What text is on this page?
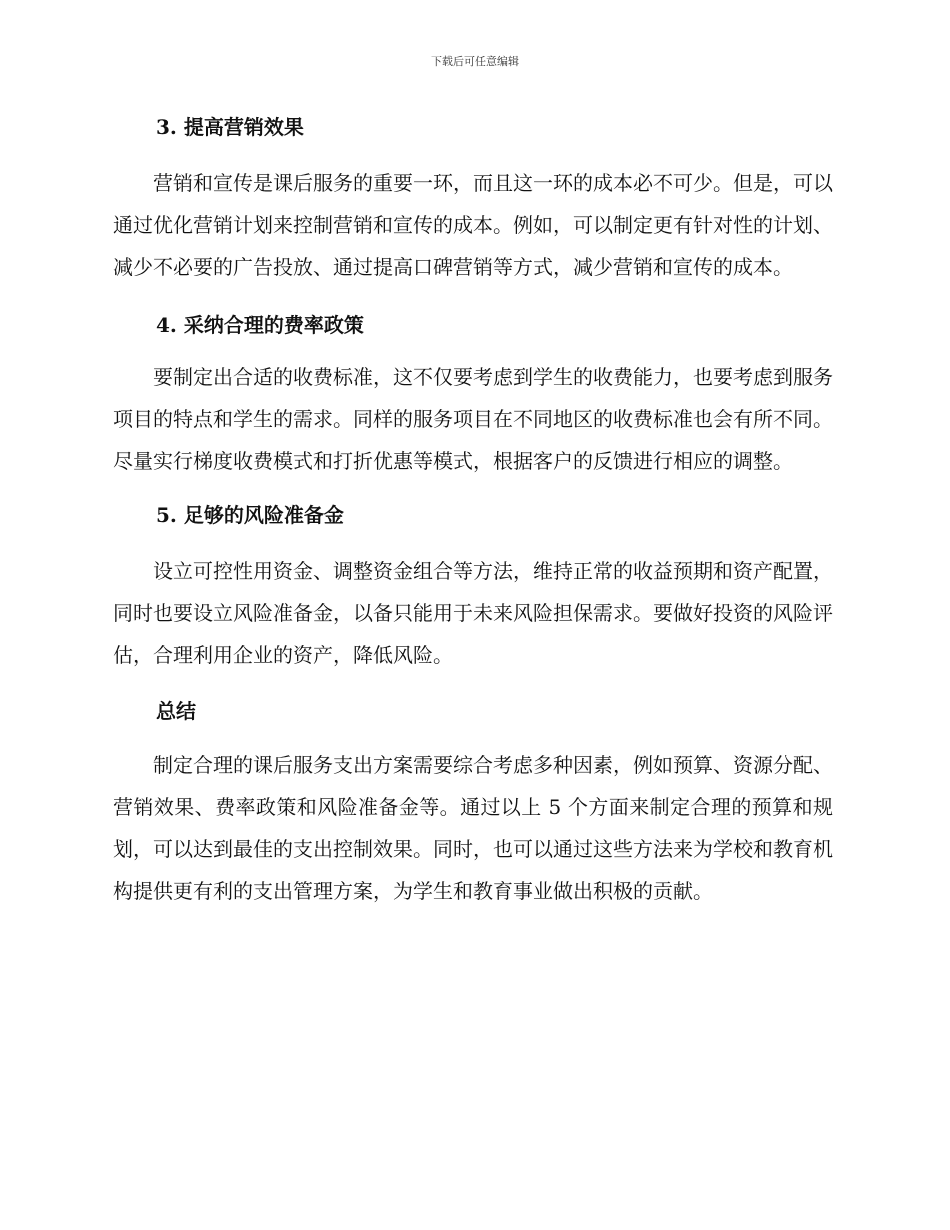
下载后可任意编辑
3. 提高营销效果

营销和宣传是课后服务的重要一环，而且这一环的成本必不可少。但是，可以通过优化营销计划来控制营销和宣传的成本。例如，可以制定更有针对性的计划、减少不必要的广告投放、通过提高口碑营销等方式，减少营销和宣传的成本。

4. 采纳合理的费率政策

要制定出合适的收费标准，这不仅要考虑到学生的收费能力，也要考虑到服务项目的特点和学生的需求。同样的服务项目在不同地区的收费标准也会有所不同。尽量实行梯度收费模式和打折优惠等模式，根据客户的反馈进行相应的调整。

5. 足够的风险准备金

设立可控性用资金、调整资金组合等方法，维持正常的收益预期和资产配置，同时也要设立风险准备金，以备只能用于未来风险担保需求。要做好投资的风险评估，合理利用企业的资产，降低风险。

总结

制定合理的课后服务支出方案需要综合考虑多种因素，例如预算、资源分配、营销效果、费率政策和风险准备金等。通过以上 5 个方面来制定合理的预算和规划，可以达到最佳的支出控制效果。同时，也可以通过这些方法来为学校和教育机构提供更有利的支出管理方案，为学生和教育事业做出积极的贡献。
